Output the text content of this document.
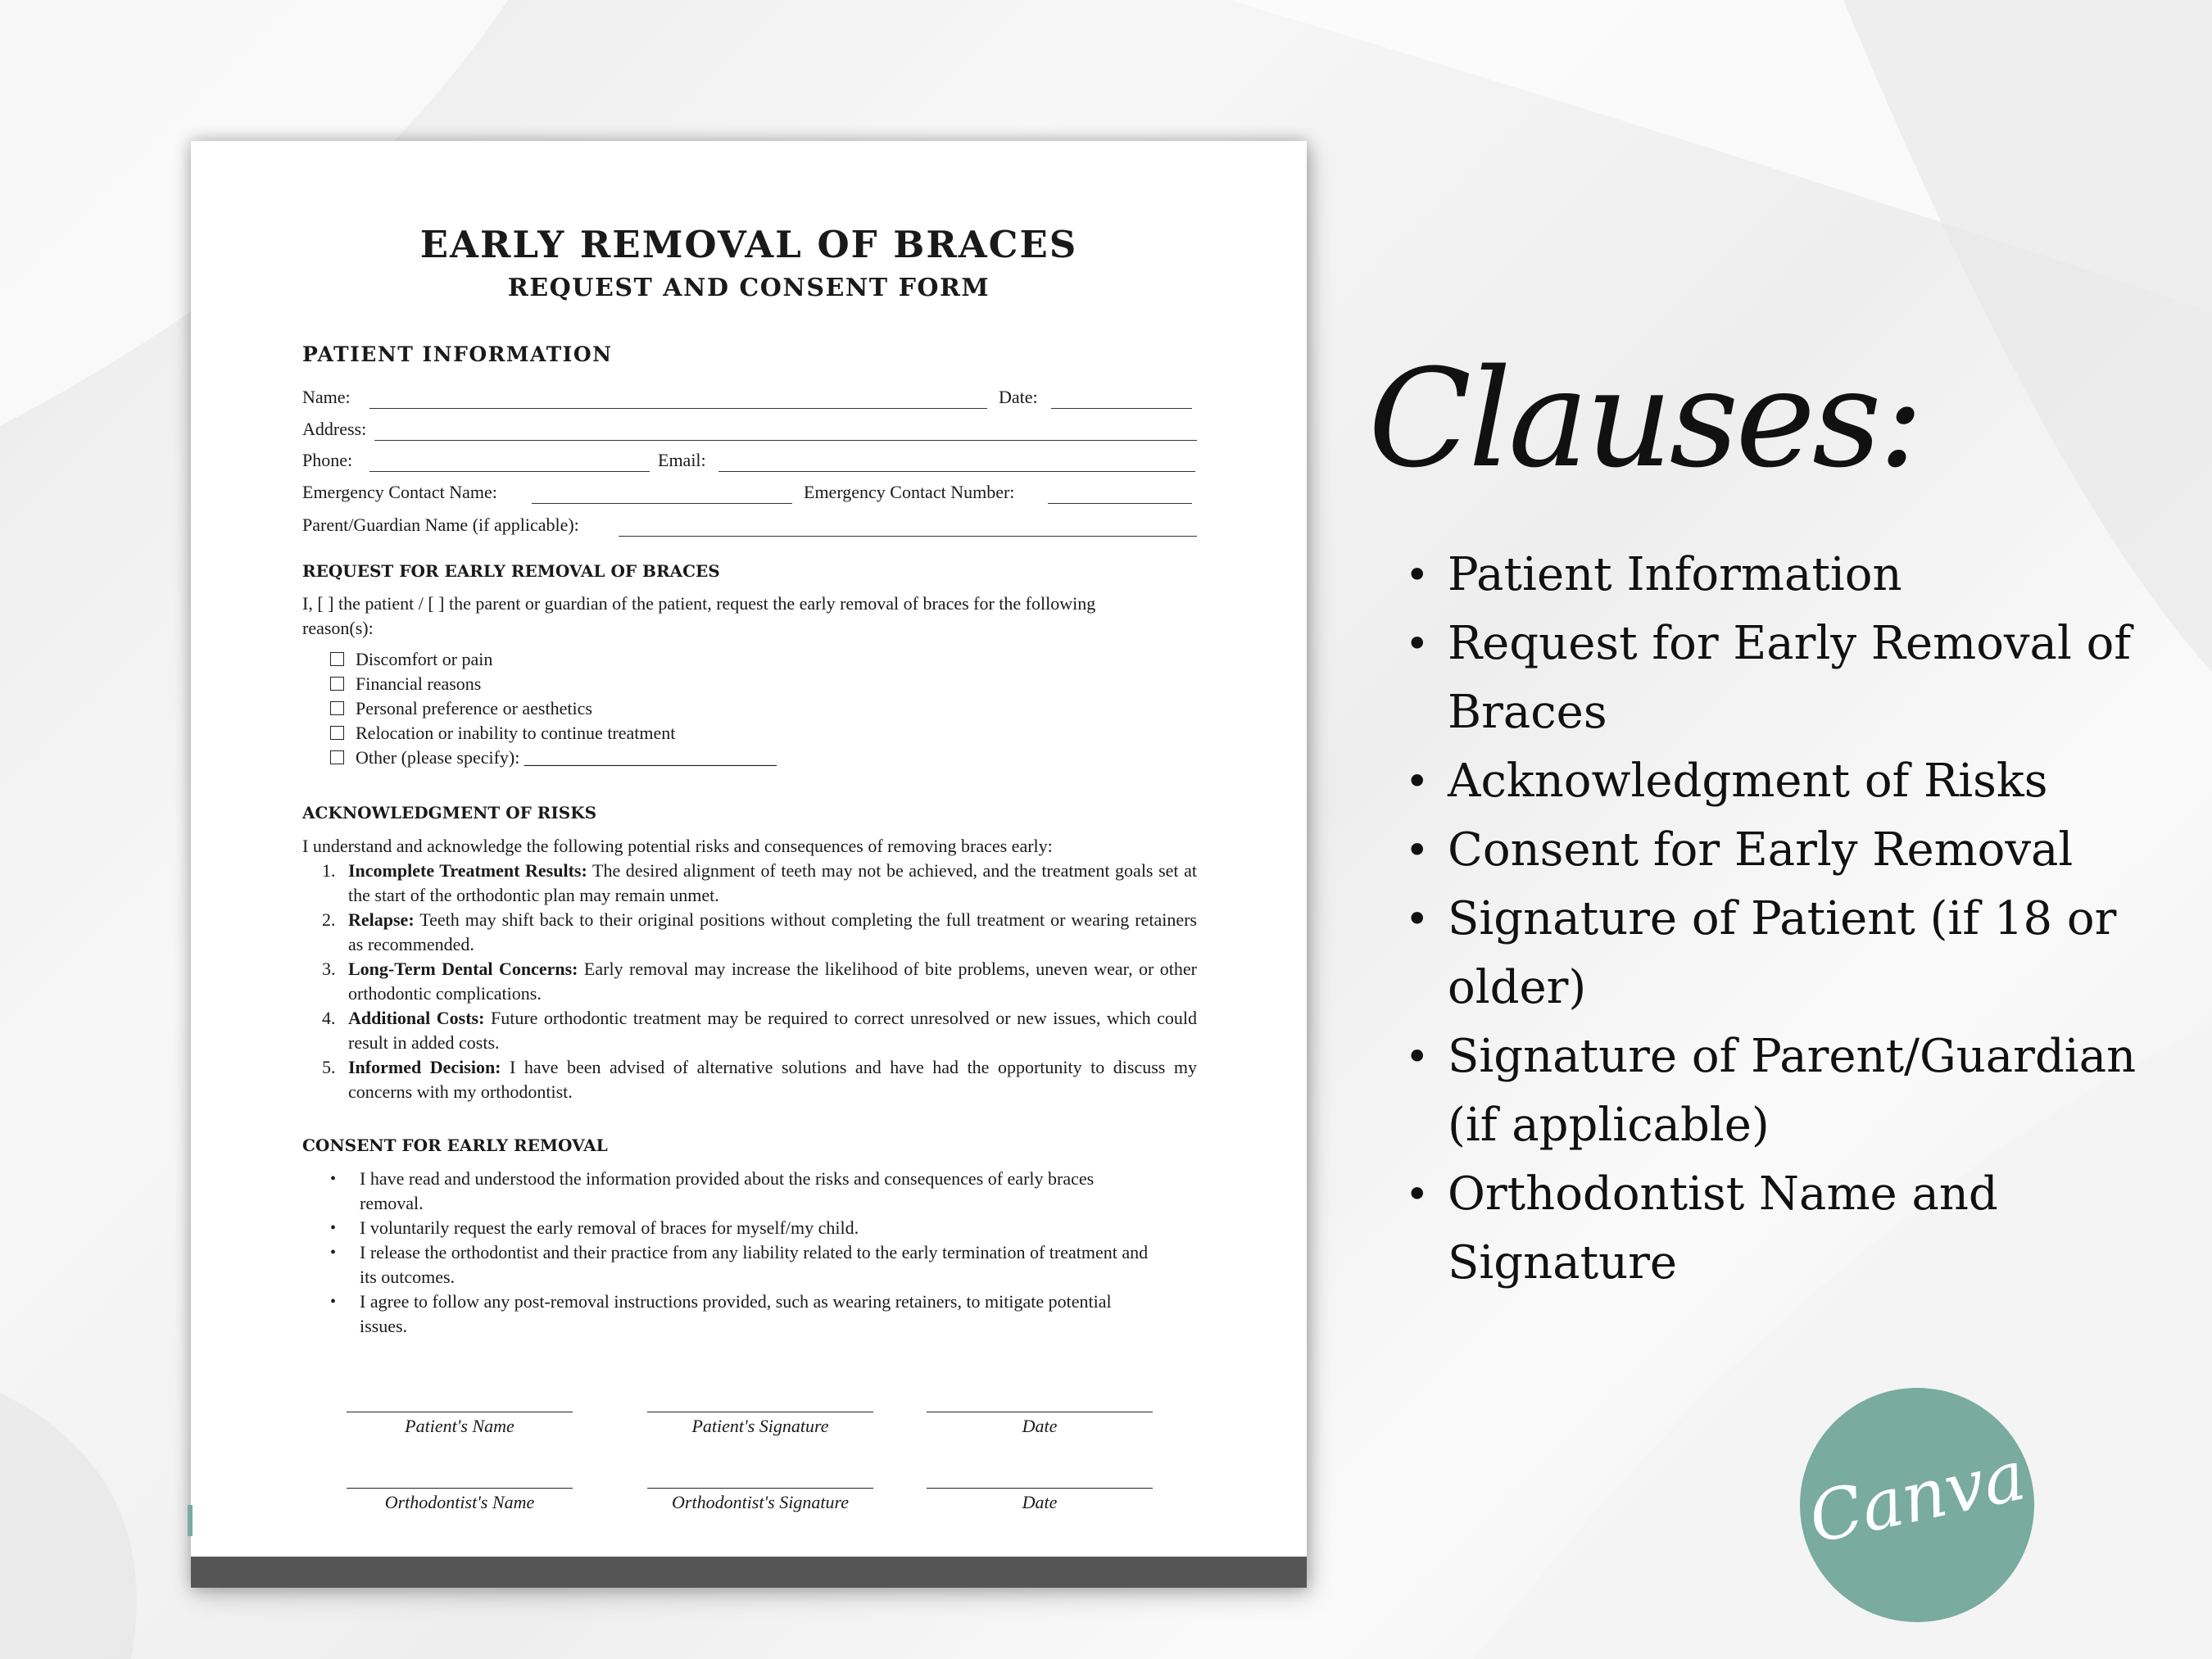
EARLY REMOVAL OF BRACES
REQUEST AND CONSENT FORM
PATIENT INFORMATION
Name:	Date:
Address:
Phone:	Email:
Emergency Contact Name:	Emergency Contact Number:
Parent/Guardian Name (if applicable):
REQUEST FOR EARLY REMOVAL OF BRACES
I, [ ] the patient / [ ] the parent or guardian of the patient, request the early removal of braces for the following reason(s):
Discomfort or pain
Financial reasons
Personal preference or aesthetics
Relocation or inability to continue treatment
Other (please specify): ____________________________
ACKNOWLEDGMENT OF RISKS
I understand and acknowledge the following potential risks and consequences of removing braces early:
1. Incomplete Treatment Results: The desired alignment of teeth may not be achieved, and the treatment goals set at the start of the orthodontic plan may remain unmet.
2. Relapse: Teeth may shift back to their original positions without completing the full treatment or wearing retainers as recommended.
3. Long-Term Dental Concerns: Early removal may increase the likelihood of bite problems, uneven wear, or other orthodontic complications.
4. Additional Costs: Future orthodontic treatment may be required to correct unresolved or new issues, which could result in added costs.
5. Informed Decision: I have been advised of alternative solutions and have had the opportunity to discuss my concerns with my orthodontist.
CONSENT FOR EARLY REMOVAL
• I have read and understood the information provided about the risks and consequences of early braces removal.
• I voluntarily request the early removal of braces for myself/my child.
• I release the orthodontist and their practice from any liability related to the early termination of treatment and its outcomes.
• I agree to follow any post-removal instructions provided, such as wearing retainers, to mitigate potential issues.
Patient's Name	Patient's Signature	Date
Orthodontist's Name	Orthodontist's Signature	Date
Clauses:
• Patient Information
• Request for Early Removal of Braces
• Acknowledgment of Risks
• Consent for Early Removal
• Signature of Patient (if 18 or older)
• Signature of Parent/Guardian (if applicable)
• Orthodontist Name and Signature
Canva
